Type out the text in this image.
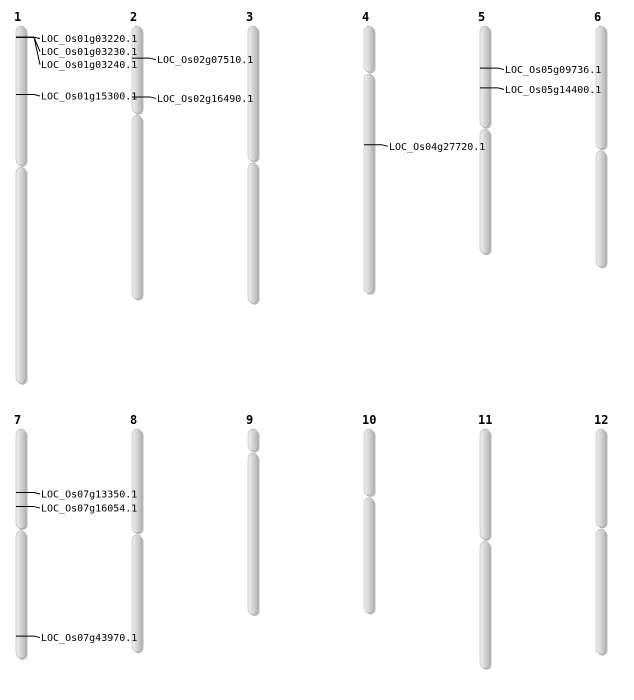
1	2	3	4	5	6
7	8	9	10	11	12
LOC_Os01g03220.1
LOC_Os01g03230.1
LOC_Os01g03240.1
LOC_Os01g15300.1
LOC_Os02g07510.1
LOC_Os02g16490.1
LOC_Os04g27720.1
LOC_Os05g09736.1
LOC_Os05g14400.1
LOC_Os07g13350.1
LOC_Os07g16054.1
LOC_Os07g43970.1
